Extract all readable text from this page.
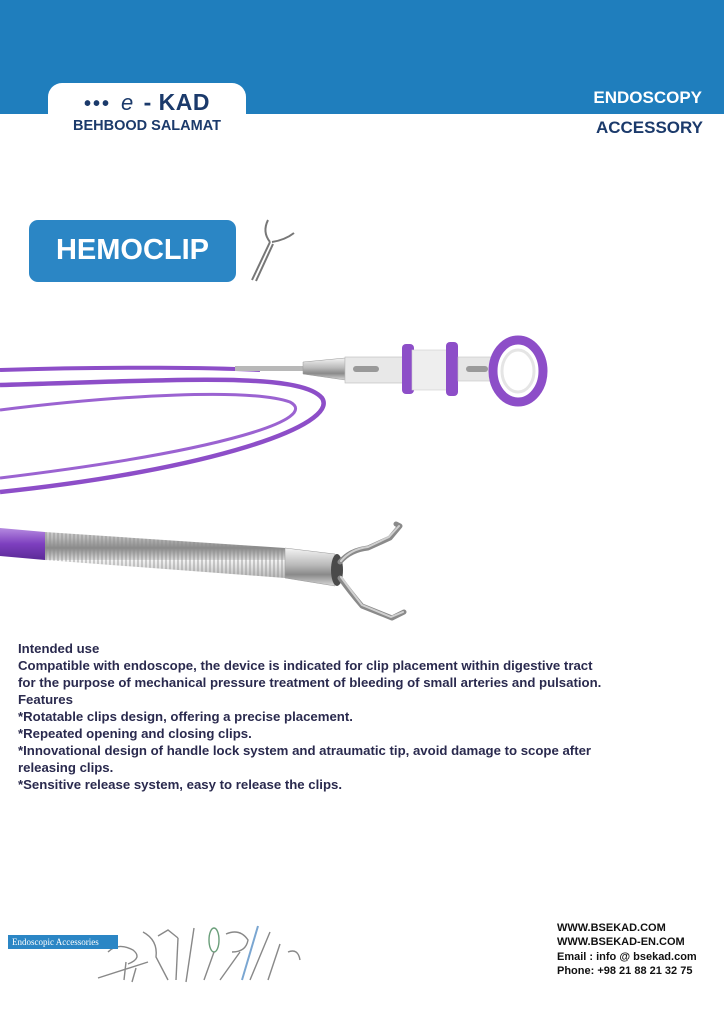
••• e - KAD
BEHBOOD SALAMAT
ENDOSCOPY
ACCESSORY
HEMOCLIP
Intended use
Compatible with endoscope, the device is indicated for clip placement within digestive tract
for the purpose of mechanical pressure treatment of bleeding of small arteries and pulsation.
Features
*Rotatable clips design, offering a precise placement.
*Repeated opening and closing clips.
*Innovational design of handle lock system and atraumatic tip, avoid damage to scope after
releasing clips.
*Sensitive release system, easy to release the clips.
Endoscopic Accessories
WWW.BSEKAD.COM
WWW.BSEKAD-EN.COM
Email : info @ bsekad.com
Phone: +98 21 88 21 32 75
